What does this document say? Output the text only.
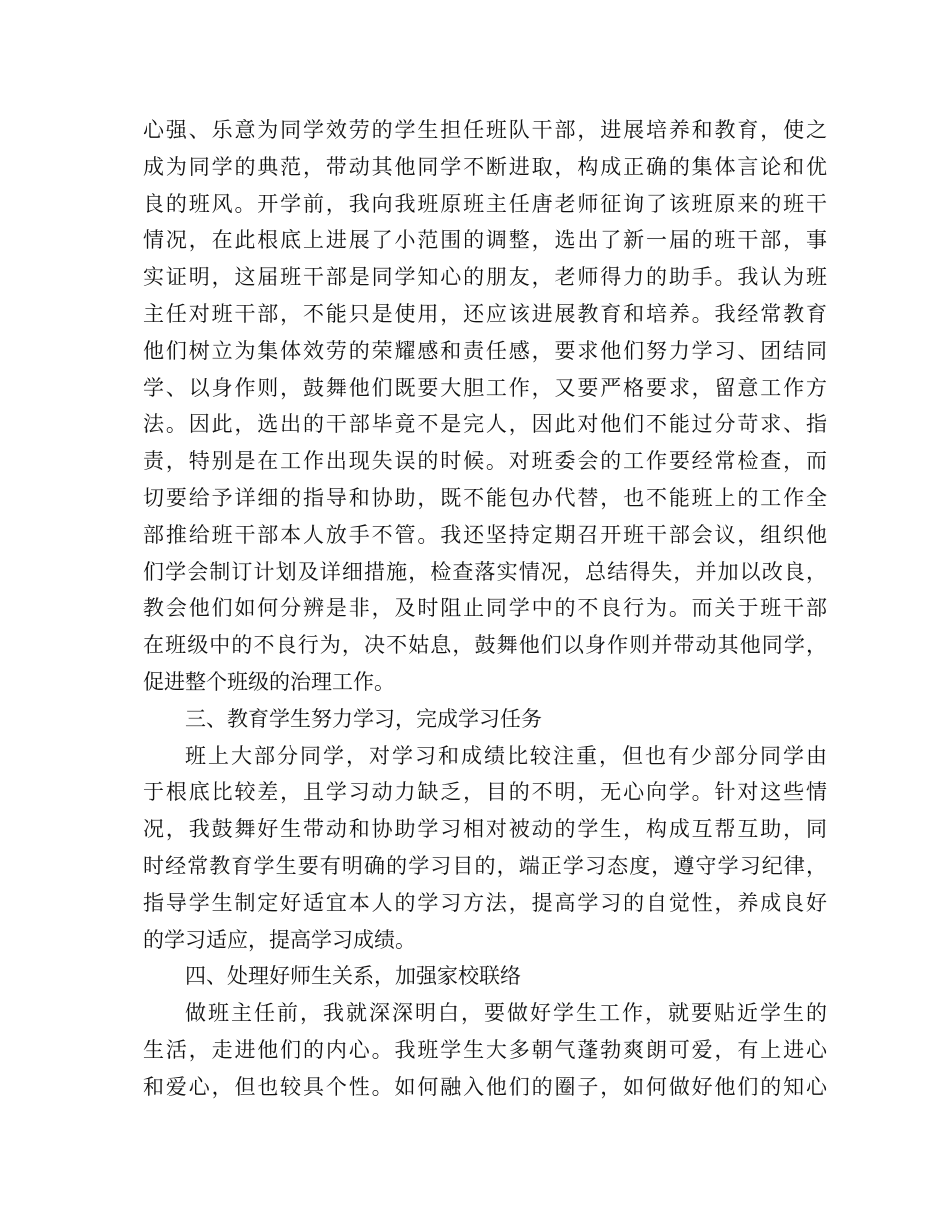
心强、乐意为同学效劳的学生担任班队干部，进展培养和教育，使之
成为同学的典范，带动其他同学不断进取，构成正确的集体言论和优
良的班风。开学前，我向我班原班主任唐老师征询了该班原来的班干
情况，在此根底上进展了小范围的调整，选出了新一届的班干部，事
实证明，这届班干部是同学知心的朋友，老师得力的助手。我认为班
主任对班干部，不能只是使用，还应该进展教育和培养。我经常教育
他们树立为集体效劳的荣耀感和责任感，要求他们努力学习、团结同
学、以身作则，鼓舞他们既要大胆工作，又要严格要求，留意工作方
法。因此，选出的干部毕竟不是完人，因此对他们不能过分苛求、指
责，特别是在工作出现失误的时候。对班委会的工作要经常检查，而
切要给予详细的指导和协助，既不能包办代替，也不能班上的工作全
部推给班干部本人放手不管。我还坚持定期召开班干部会议，组织他
们学会制订计划及详细措施，检查落实情况，总结得失，并加以改良，
教会他们如何分辨是非，及时阻止同学中的不良行为。而关于班干部
在班级中的不良行为，决不姑息，鼓舞他们以身作则并带动其他同学，
促进整个班级的治理工作。
三、教育学生努力学习，完成学习任务
班上大部分同学，对学习和成绩比较注重，但也有少部分同学由
于根底比较差，且学习动力缺乏，目的不明，无心向学。针对这些情
况，我鼓舞好生带动和协助学习相对被动的学生，构成互帮互助，同
时经常教育学生要有明确的学习目的，端正学习态度，遵守学习纪律，
指导学生制定好适宜本人的学习方法，提高学习的自觉性，养成良好
的学习适应，提高学习成绩。
四、处理好师生关系，加强家校联络
做班主任前，我就深深明白，要做好学生工作，就要贴近学生的
生活，走进他们的内心。我班学生大多朝气蓬勃爽朗可爱，有上进心
和爱心，但也较具个性。如何融入他们的圈子，如何做好他们的知心
